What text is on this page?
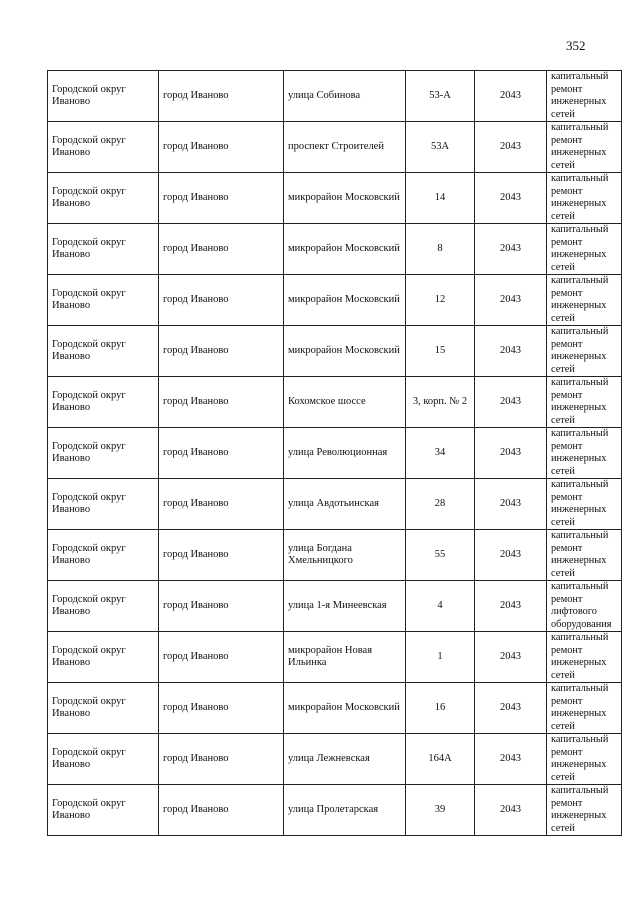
352
Городской округ Иваново	город Иваново	улица Собинова	53-А	2043	капитальный ремонт инженерных сетей
Городской округ Иваново	город Иваново	проспект Строителей	53А	2043	капитальный ремонт инженерных сетей
Городской округ Иваново	город Иваново	микрорайон Московский	14	2043	капитальный ремонт инженерных сетей
Городской округ Иваново	город Иваново	микрорайон Московский	8	2043	капитальный ремонт инженерных сетей
Городской округ Иваново	город Иваново	микрорайон Московский	12	2043	капитальный ремонт инженерных сетей
Городской округ Иваново	город Иваново	микрорайон Московский	15	2043	капитальный ремонт инженерных сетей
Городской округ Иваново	город Иваново	Кохомское шоссе	3, корп. № 2	2043	капитальный ремонт инженерных сетей
Городской округ Иваново	город Иваново	улица Революционная	34	2043	капитальный ремонт инженерных сетей
Городской округ Иваново	город Иваново	улица Авдотьинская	28	2043	капитальный ремонт инженерных сетей
Городской округ Иваново	город Иваново	улица Богдана Хмельницкого	55	2043	капитальный ремонт инженерных сетей
Городской округ Иваново	город Иваново	улица 1-я Минеевская	4	2043	капитальный ремонт лифтового оборудования
Городской округ Иваново	город Иваново	микрорайон Новая Ильинка	1	2043	капитальный ремонт инженерных сетей
Городской округ Иваново	город Иваново	микрорайон Московский	16	2043	капитальный ремонт инженерных сетей
Городской округ Иваново	город Иваново	улица Лежневская	164А	2043	капитальный ремонт инженерных сетей
Городской округ Иваново	город Иваново	улица Пролетарская	39	2043	капитальный ремонт инженерных сетей
